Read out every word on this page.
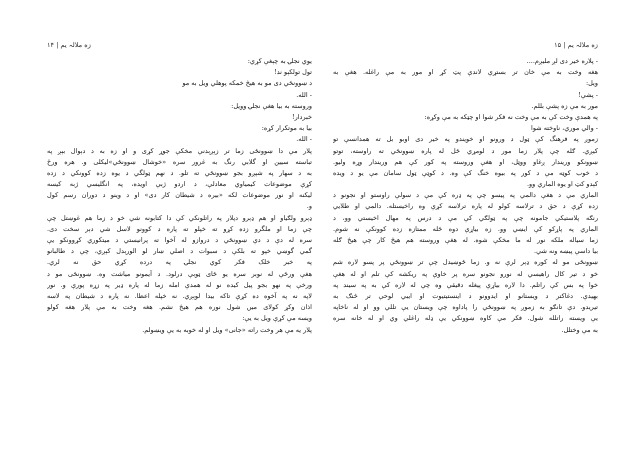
زه ملالہ یم | ۱۴
یوي نجلۍ به چېغې کړي:
تول تولکېو ند!
د ښوونځي دی مو به هیڅ خمکه پوهلي ویل به مو
- الله.
وروسته به بیا هغې نجلۍ وویل:
خبردار!
بیا به موتکرار کړه:
- الله.
پلار مې دا ښوونځی زما تر زېږېدنې مخکې جوړ کړی و او زه به د دېوال بېږ په
تباسته سیین او گلابي رنگ به غرور سره «خوشال ښوونځي»لیکلی و. هره ورځ
به د سهار په شپږو بجو ښوونځي ته تلو. د نهم ټولگي د یوه زده کوونکي د زده
کړې موضوعات کیمیاوي معادلې، د اردو ژبې اویده، په انگلیسي ژبه کیسه
لیکنه او نور موضوعات لکه «بیره د شیطان کار دی» او د وینو د دوران رسم کول
و.
ډېرو ولګیاو او هم ډېرو دپلار په راتلونکي کې دا کتابونه شي خو د زما هم غوښتل چې
چې زما او ملگرو زده کړو ته خپلو ته پاره د کوونو لاسل شي دېر سخت دی.
سره له دې د دې ښوونځي د دروازو له آخوا ته پرانیستي د میتکوري کړوونکو یې
گمي گوښي خپو ته بلکې د سبوات د اصلي ښار لو الورېدل کېږي، چې د طالبانو
په خبر خلک فکر کوي نجلۍ په درده کړي حق نه لري.
هغې ورځې له نوبر سره یو ځای ټوبې درلود. د آیمونو میاشت وه. ښوونځی مو د
ورخې په نهو بجو پیل کیده نو له همدې امله زما له پاره ډیر په زړه پورې و. نور
لاپه نه په آخوه ده کړې تاکه بیدا لوېږي. نه خپله اعظا. نه پاره د شیطان په لاسه
اذان وکړ کولای میں شول نوره هم هیڅ نشم. هغه وخت به مې پلار هغه کولو
ویسه مې کړې ویل به یې:
پلار یه مې هر وخت راته «جانی» ویل او له خوبه به یې ویښولم.
زه ملالہ یم | ۱۵
- پلاره خیر دی لږ ملیږم....
هغه وخت به مې خان تر بستړې لاندې پټ کړ او مور به مې راغله. هغې به
ویل:
- پشې!
مور به مې زه پشې بللم.
په همدې وخت کې به مې وخت نه فکر شوا او چټکه به مې وکړه:
- والي موري، ناوخته شوا
زموږ په فرهنگ کې ټول د ورونو او خویندو په خیر دی اوبو بل ته همدانسې تو
کیږي. ګله چې پلار زما مور د لومړي ځل له پاره ښوونځي ته راوسته، توتو
ښوونکو وریندار ږغاو ووټل، او هغې وروسته په کور کې هم وريندار وړه ولیو.
د خوب کوټه مې د کور په بیوه خنگ کې وه. د کوټې ټول سامان مې یو د ویده
کېدو کټ او یوه الماري وو.
الماري مې د هغې دالمي په پیسو چې په ډره کې مې د سولې راوستو او نجونو د
زده کړې د حق د ترلاسه کولو له پاره ترلاسه کړې وه راخیستله. دالمي او طلایي
رنګه پلاستیکي جامونه چې په ټولګي کې مې د درس په مهال اخیستي وو، د
الماري په پاړکو کې ایښي وو. زه بیاړې دوه ځله ممتازه زده کوونکې نه شوم.
زما سیاله ملکه نور له ما مخکې شوه. له هغې وروسته هم هيڅ کار چې هیڅ ګله
بیا داسې پیښه ونه شي.
ښوونځی مو له کوره ډېر لرې نه و. زما ځوښیدل چې تر ښوونځي پر پسو لاره شم
خو د تیر کال راهیسي له نورو نجونو سره پر خاوې په ریکشه کې تلم او له هغې
خوا په بس کې راتلم. دا لاره بیاړې پیغله دقیقې وه چې له لاره کې به په سیند په
بهیدې. دغاکتر د ویستانو او ایدوونو د اینستیتیوت او ایبي لوحې تر څنګ به
تیریدو. دې تانګو به زموږ په ښوونځي را پاداوه چې ویستان یې تللي وو او له ناخاپه
یې ویسته راتلله شول. فکر مې کاوه ښوونکي یې ډله راغلي وي او له خانه سره
به مې وختلل.
